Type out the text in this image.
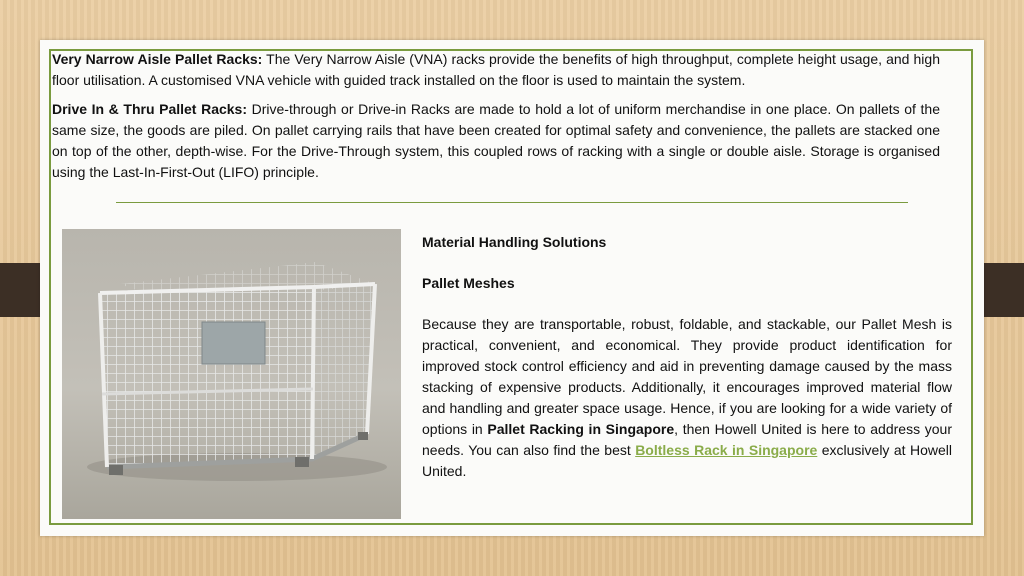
Very Narrow Aisle Pallet Racks: The Very Narrow Aisle (VNA) racks provide the benefits of high throughput, complete height usage, and high floor utilisation. A customised VNA vehicle with guided track installed on the floor is used to maintain the system.

Drive In & Thru Pallet Racks: Drive-through or Drive-in Racks are made to hold a lot of uniform merchandise in one place. On pallets of the same size, the goods are piled. On pallet carrying rails that have been created for optimal safety and convenience, the pallets are stacked one on top of the other, depth-wise. For the Drive-Through system, this coupled rows of racking with a single or double aisle. Storage is organised using the Last-In-First-Out (LIFO) principle.

Material Handling Solutions

Pallet Meshes

Because they are transportable, robust, foldable, and stackable, our Pallet Mesh is practical, convenient, and economical. They provide product identification for improved stock control efficiency and aid in preventing damage caused by the mass stacking of expensive products. Additionally, it encourages improved material flow and handling and greater space usage. Hence, if you are looking for a wide variety of options in Pallet Racking in Singapore, then Howell United is here to address your needs. You can also find the best Boltless Rack in Singapore exclusively at Howell United.
